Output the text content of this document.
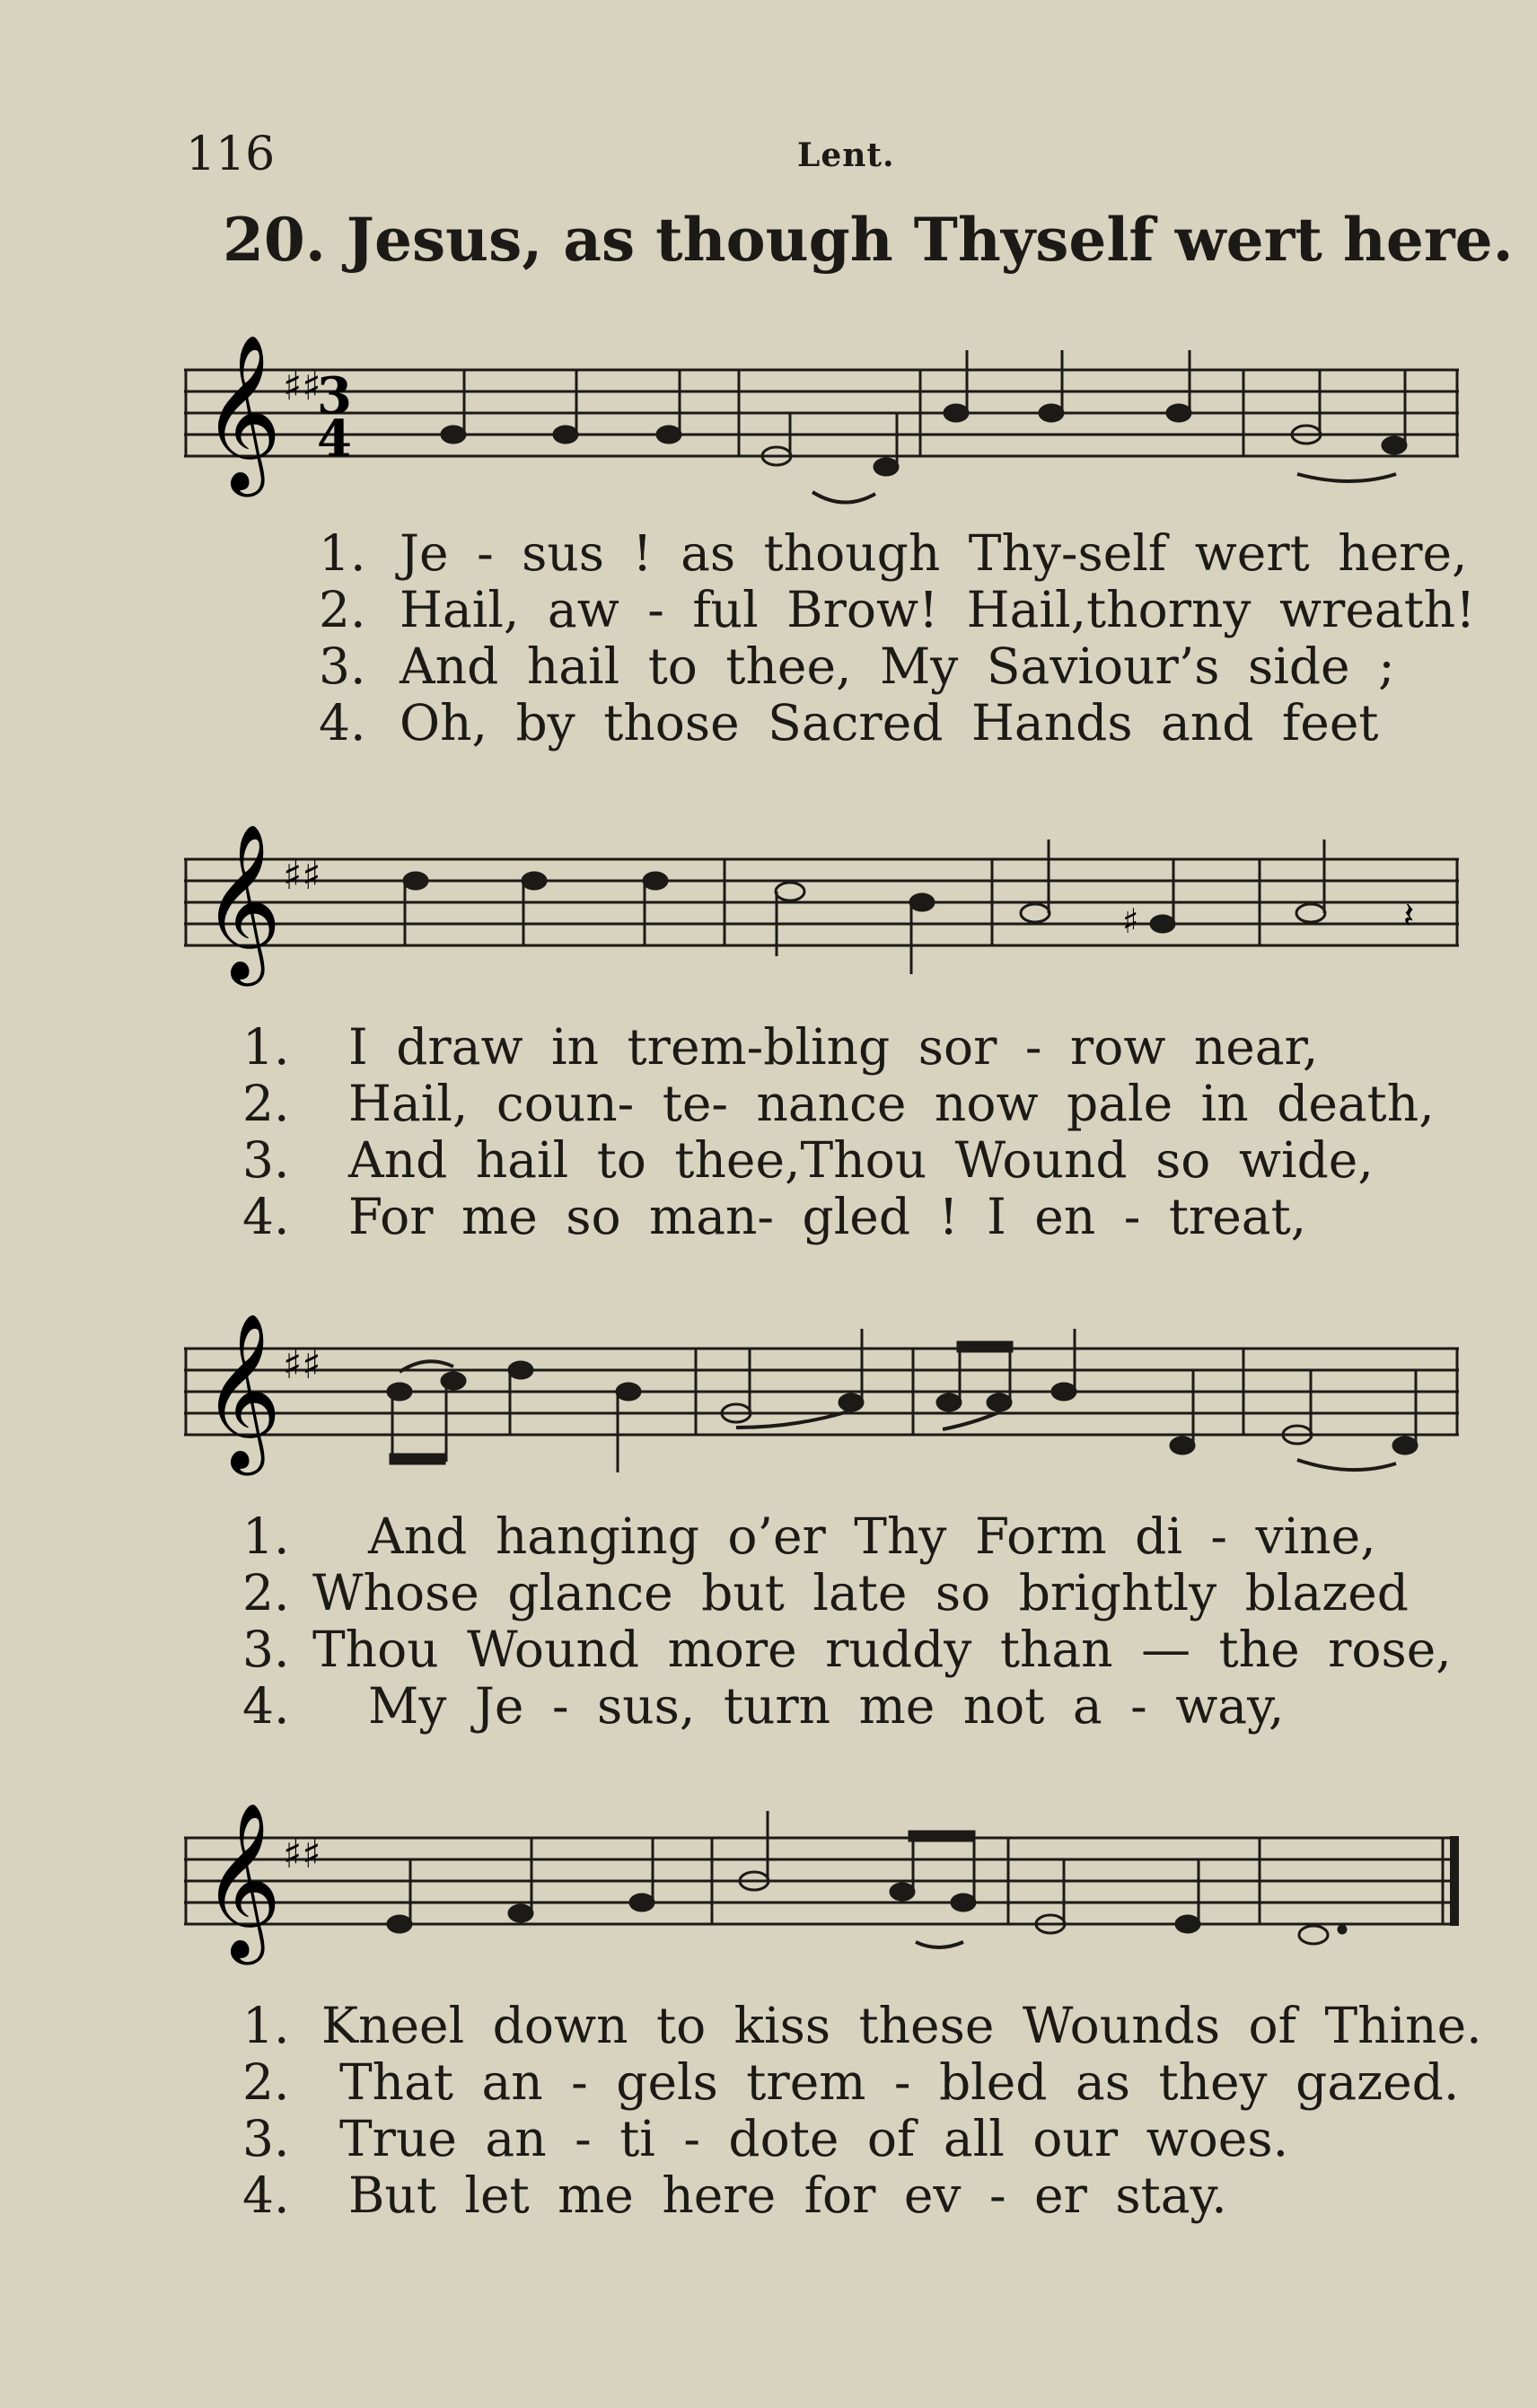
116	Lent.
20. Jesus, as though Thyself wert here.
𝄞 ♯♯
3
4
1. Je - sus ! as though Thy-self wert here,
2. Hail, aw - ful Brow! Hail,thorny wreath!
3. And hail to thee, My Saviour’s side ;
4. Oh, by those Sacred Hands and feet
𝄞 ♯♯
♯	𝄽
1. I draw in trem-bling sor - row near,
2. Hail, coun- te- nance now pale in death,
3. And hail to thee,Thou Wound so wide,
4. For me so man- gled ! I en - treat,
𝄞 ♯♯
1. And hanging o’er Thy Form di - vine,
2. Whose glance but late so brightly blazed
3. Thou Wound more ruddy than — the rose,
4. My Je - sus, turn me not a - way,
𝄞 ♯♯
1. Kneel down to kiss these Wounds of Thine.
2. That an - gels trem - bled as they gazed.
3. True an - ti - dote of all our woes.
4. But let me here for ev - er stay.
